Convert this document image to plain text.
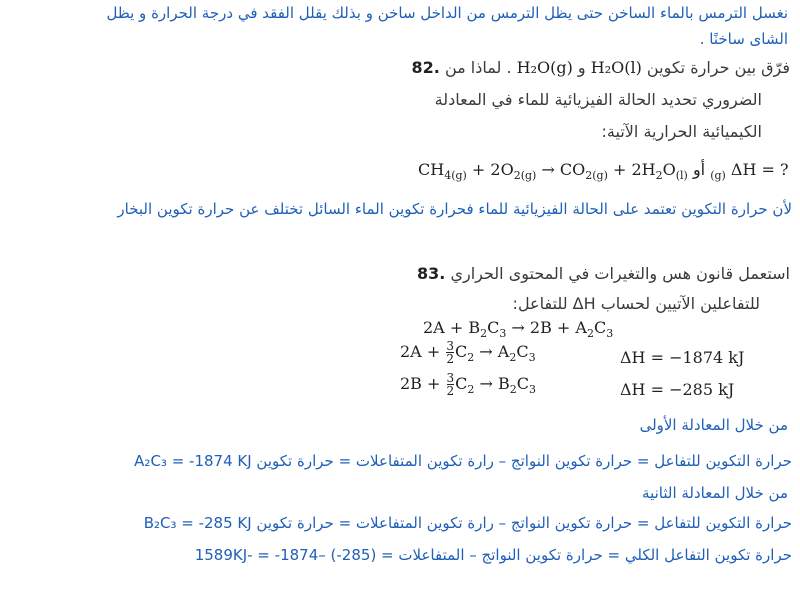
نغسل الترمس بالماء الساخن حتى يظل الترمس من الداخل ساخن و بذلك يقلل الفقد في درجة الحرارة و يظل
الشاى ساخنًا .
82.	فرّق بين حرارة تكوين H₂O(l) و H₂O(g) . لماذا من
الضروري تحديد الحالة الفيزيائية للماء في المعادلة
الكيميائية الحرارية الآتية:
$CH_{4(g)} + 2O_{2(g)} \to CO_{2(g)} + 2H_2O_{(l)}$ أو $_{(g)}$ ΔH = ?
لأن حرارة التكوين تعتمد على الحالة الفيزيائية للماء فحرارة تكوين الماء السائل تختلف عن حرارة تكوين البخار
83. استعمل قانون هس والتغيرات في المحتوى الحراري
للتفاعلين الآتيين لحساب ΔH للتفاعل:
$2A + B_2C_3 \to 2B + A_2C_3$
$2A + \frac{3}{2} C_2 \to A_2C_3$	ΔH = −1874 kJ
$2B + \frac{3}{2} C_2 \to B_2C_3$	ΔH = −285 kJ
من خلال المعادلة الأولى
حرارة التكوين للتفاعل = حرارة تكوين النواتج – رارة تكوين المتفاعلات = حرارة تكوين A₂C₃ = -1874 KJ
من خلال المعادلة الثانية
حرارة التكوين للتفاعل = حرارة تكوين النواتج – رارة تكوين المتفاعلات = حرارة تكوين B₂C₃ = -285 KJ
حرارة تكوين التفاعل الكلي = حرارة تكوين النواتج – المتفاعلات = (285-) –1874- = -1589KJ
